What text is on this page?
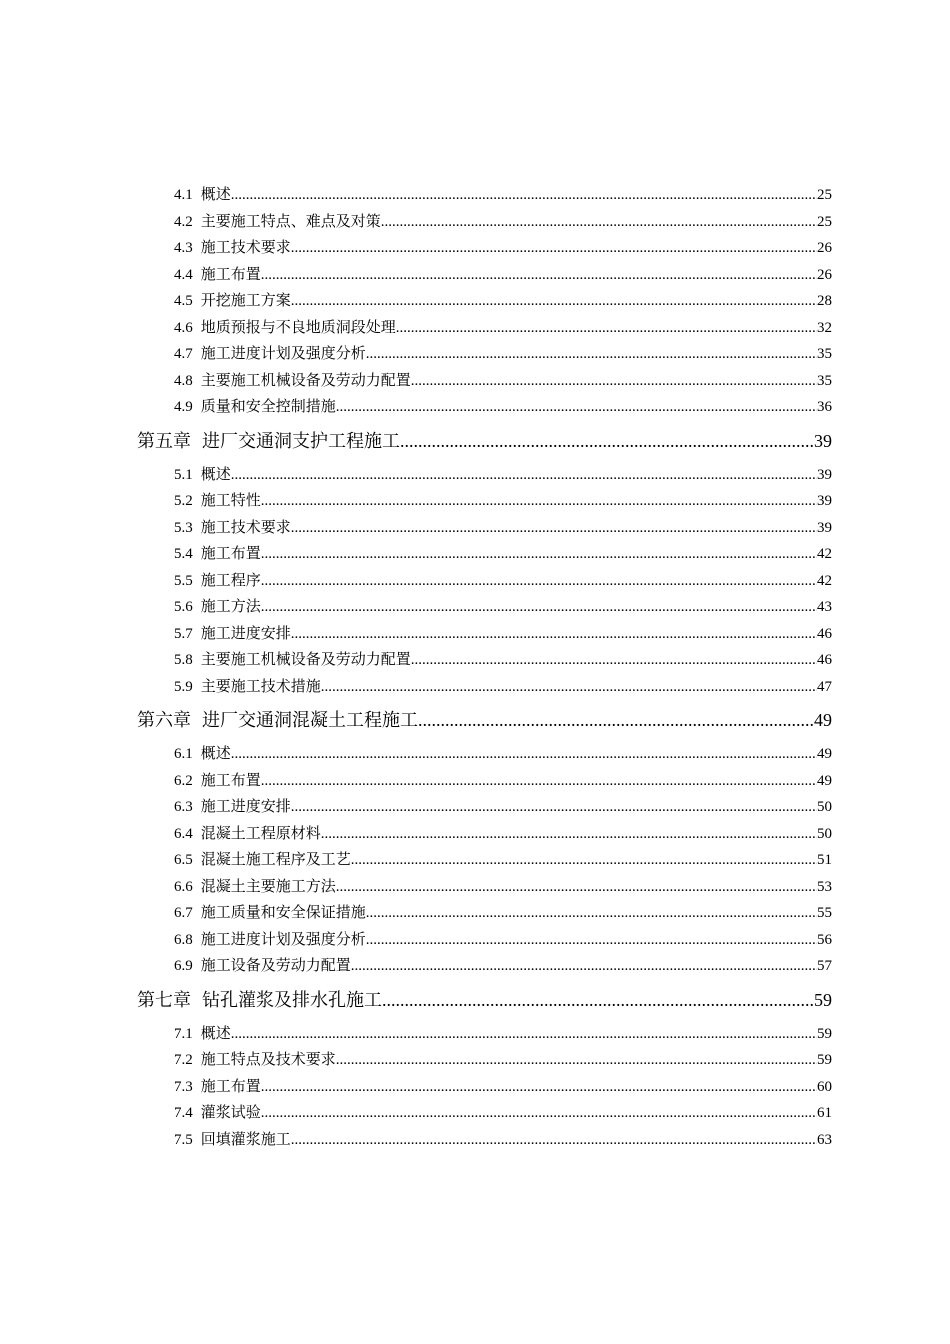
4.1 概述 .....	25
4.2 主要施工特点、难点及对策 .....	25
4.3 施工技术要求 .....	26
4.4 施工布置 .....	26
4.5 开挖施工方案 .....	28
4.6 地质预报与不良地质洞段处理 .....	32
4.7 施工进度计划及强度分析 .....	35
4.8 主要施工机械设备及劳动力配置 .....	35
4.9 质量和安全控制措施 .....	36
第五章 进厂交通洞支护工程施工 .....	39
5.1 概述 .....	39
5.2 施工特性 .....	39
5.3 施工技术要求 .....	39
5.4 施工布置 .....	42
5.5 施工程序 .....	42
5.6 施工方法 .....	43
5.7 施工进度安排 .....	46
5.8 主要施工机械设备及劳动力配置 .....	46
5.9 主要施工技术措施 .....	47
第六章 进厂交通洞混凝土工程施工 .....	49
6.1 概述 .....	49
6.2 施工布置 .....	49
6.3 施工进度安排 .....	50
6.4 混凝土工程原材料 .....	50
6.5 混凝土施工程序及工艺 .....	51
6.6 混凝土主要施工方法 .....	53
6.7 施工质量和安全保证措施 .....	55
6.8 施工进度计划及强度分析 .....	56
6.9 施工设备及劳动力配置 .....	57
第七章 钻孔灌浆及排水孔施工 .....	59
7.1 概述 .....	59
7.2 施工特点及技术要求 .....	59
7.3 施工布置 .....	60
7.4 灌浆试验 .....	61
7.5 回填灌浆施工 .....	63
